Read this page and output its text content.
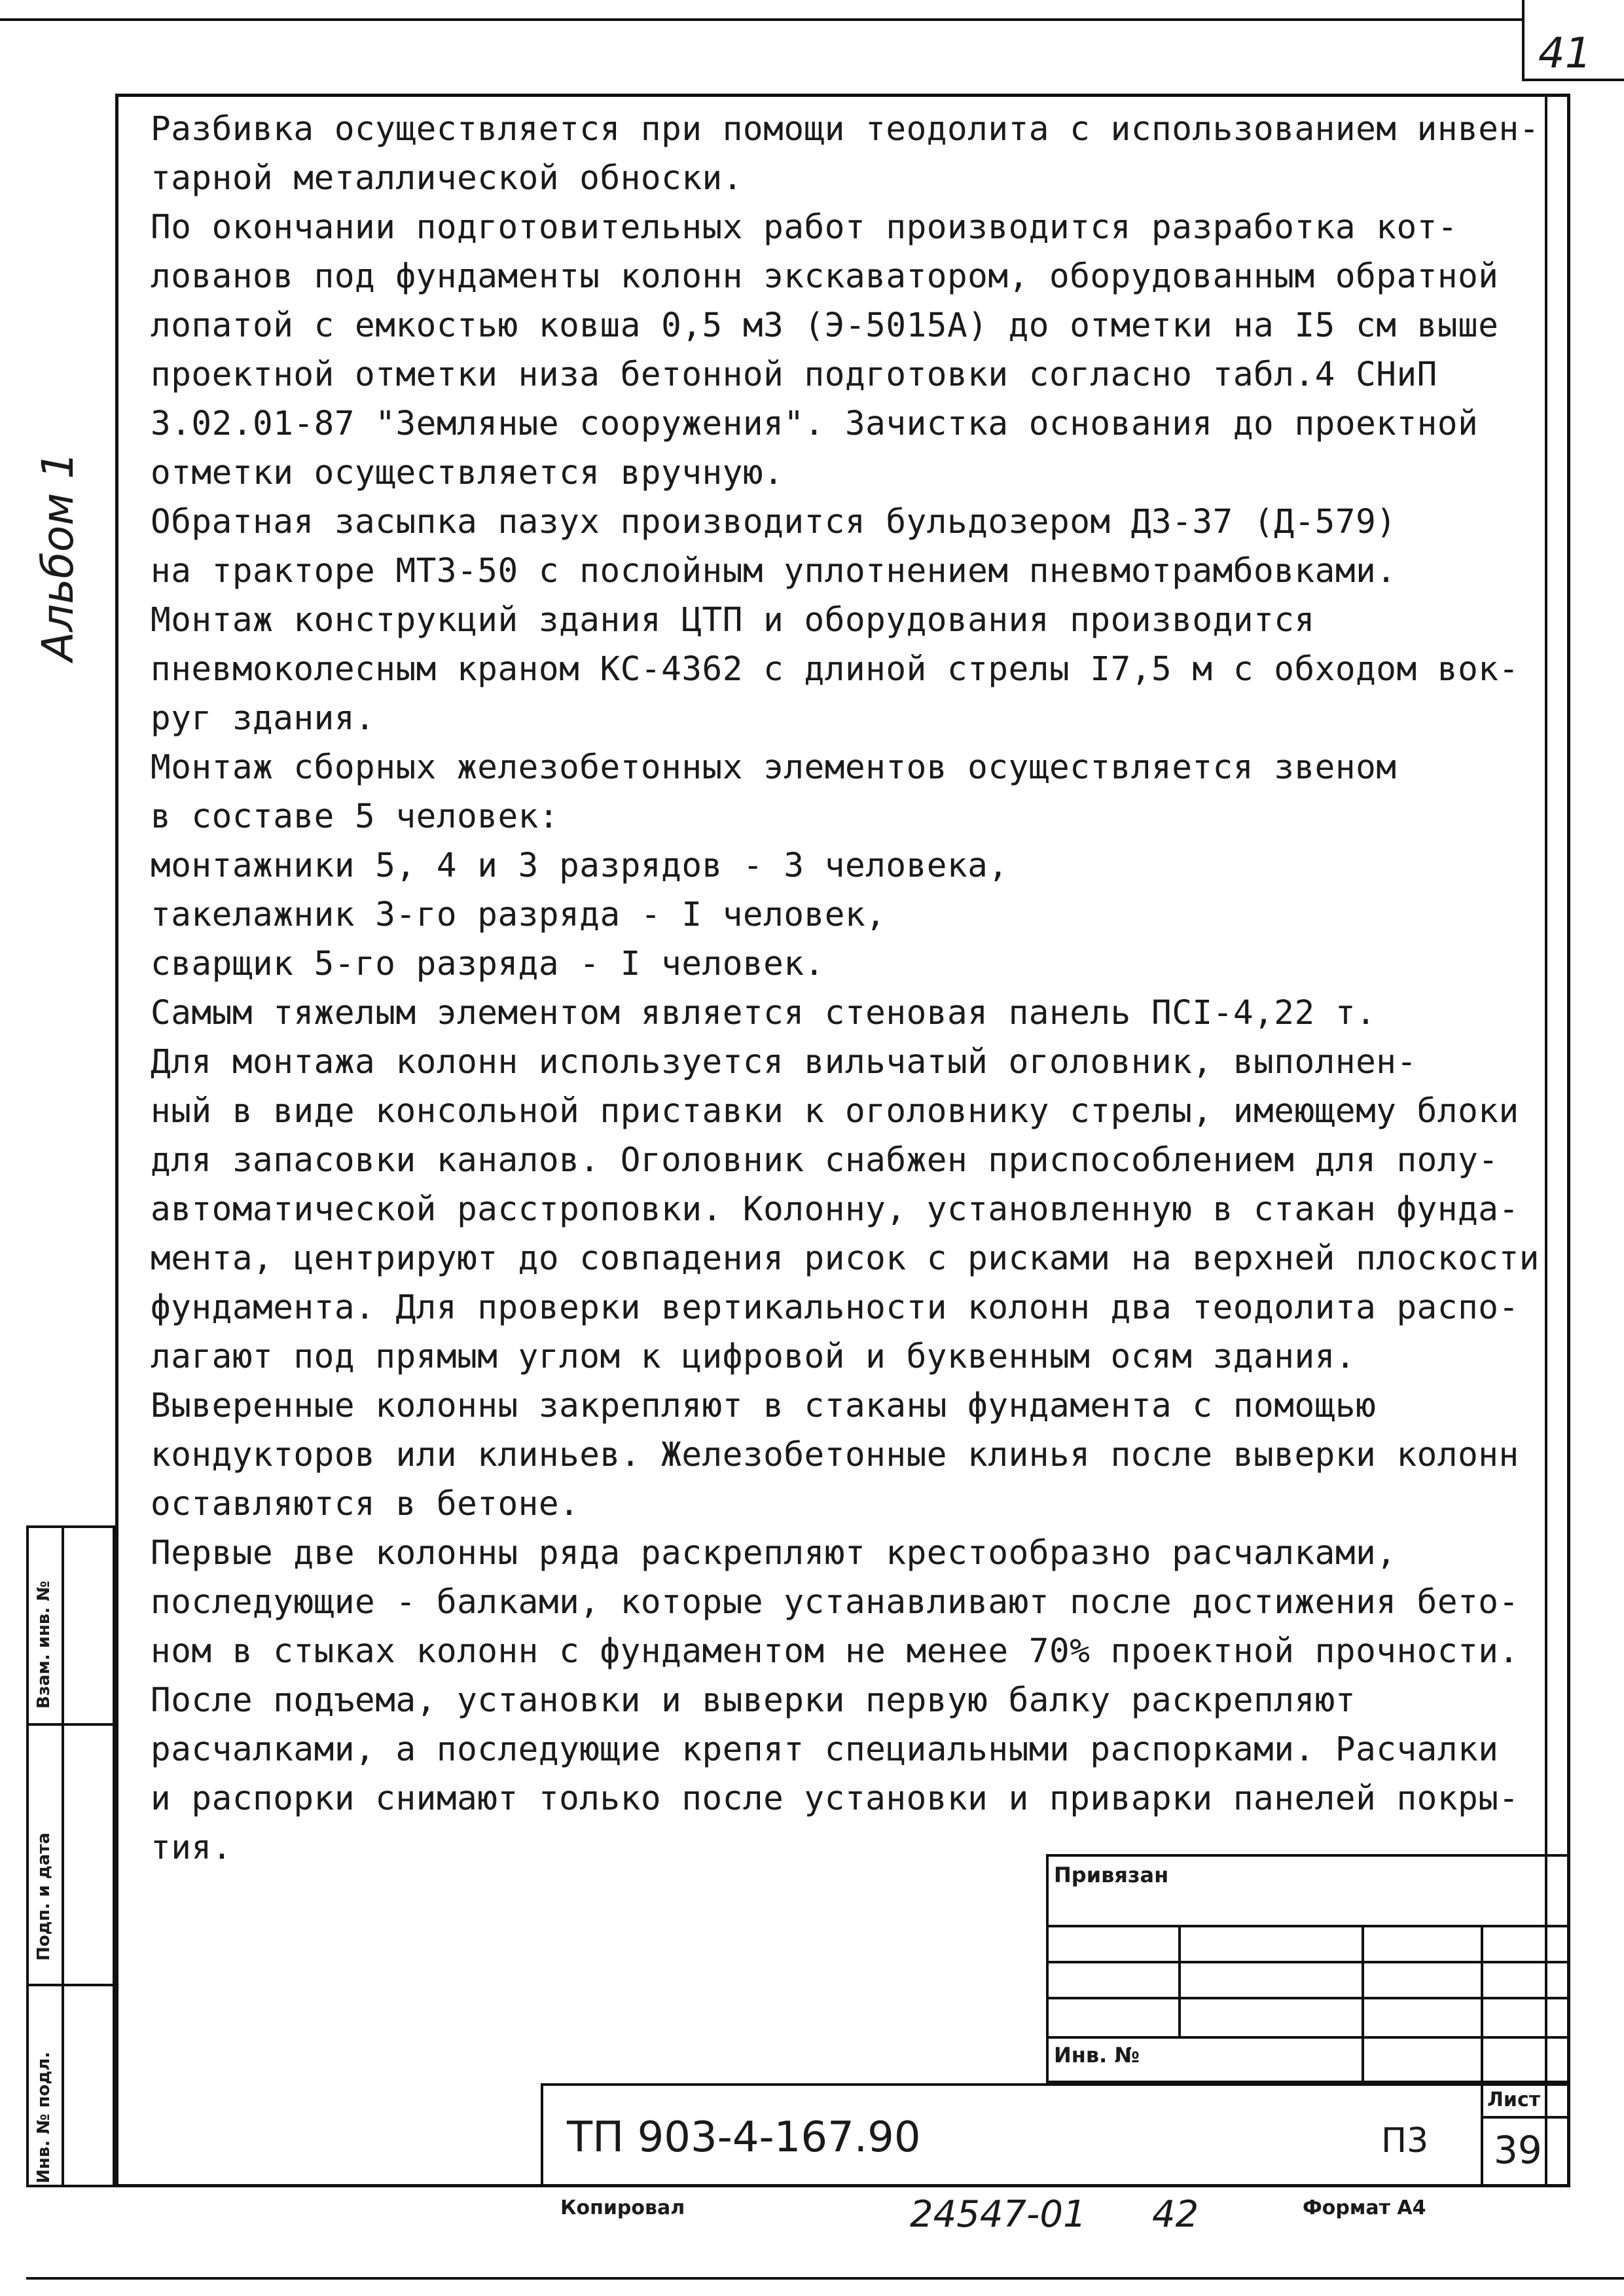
41
Альбом 1
Взам. инв. №
Подп. и дата
Инв. № подл.
Разбивка осуществляется при помощи теодолита с использованием инвен-
тарной металлической обноски.
По окончании подготовительных работ производится разработка кот-
лованов под фундаменты колонн экскаватором, оборудованным обратной
лопатой с емкостью ковша 0,5 м3 (Э-5015А) до отметки на I5 см выше
проектной отметки низа бетонной подготовки согласно табл.4 СНиП
3.02.01-87 "Земляные сооружения". Зачистка основания до проектной
отметки осуществляется вручную.
Обратная засыпка пазух производится бульдозером ДЗ-37 (Д-579)
на тракторе МТЗ-50 с послойным уплотнением пневмотрамбовками.
Монтаж конструкций здания ЦТП и оборудования производится
пневмоколесным краном КС-4362 с длиной стрелы I7,5 м с обходом вок-
руг здания.
Монтаж сборных железобетонных элементов осуществляется звеном
в составе 5 человек:
монтажники 5, 4 и 3 разрядов - 3 человека,
такелажник 3-го разряда - I человек,
сварщик 5-го разряда - I человек.
Самым тяжелым элементом является стеновая панель ПСI-4,22 т.
Для монтажа колонн используется вильчатый оголовник, выполнен-
ный в виде консольной приставки к оголовнику стрелы, имеющему блоки
для запасовки каналов. Оголовник снабжен приспособлением для полу-
автоматической расстроповки. Колонну, установленную в стакан фунда-
мента, центрируют до совпадения рисок с рисками на верхней плоскости
фундамента. Для проверки вертикальности колонн два теодолита распо-
лагают под прямым углом к цифровой и буквенным осям здания.
Выверенные колонны закрепляют в стаканы фундамента с помощью
кондукторов или клиньев. Железобетонные клинья после выверки колонн
оставляются в бетоне.
Первые две колонны ряда раскрепляют крестообразно расчалками,
последующие - балками, которые устанавливают после достижения бето-
ном в стыках колонн с фундаментом не менее 70% проектной прочности.
После подъема, установки и выверки первую балку раскрепляют
расчалками, а последующие крепят специальными распорками. Расчалки
и распорки снимают только после установки и приварки панелей покры-
тия.
Привязан
Инв. №
Лист
ТП 903-4-167.90	П3 39
Копировал	24547-01 42	Формат А4
